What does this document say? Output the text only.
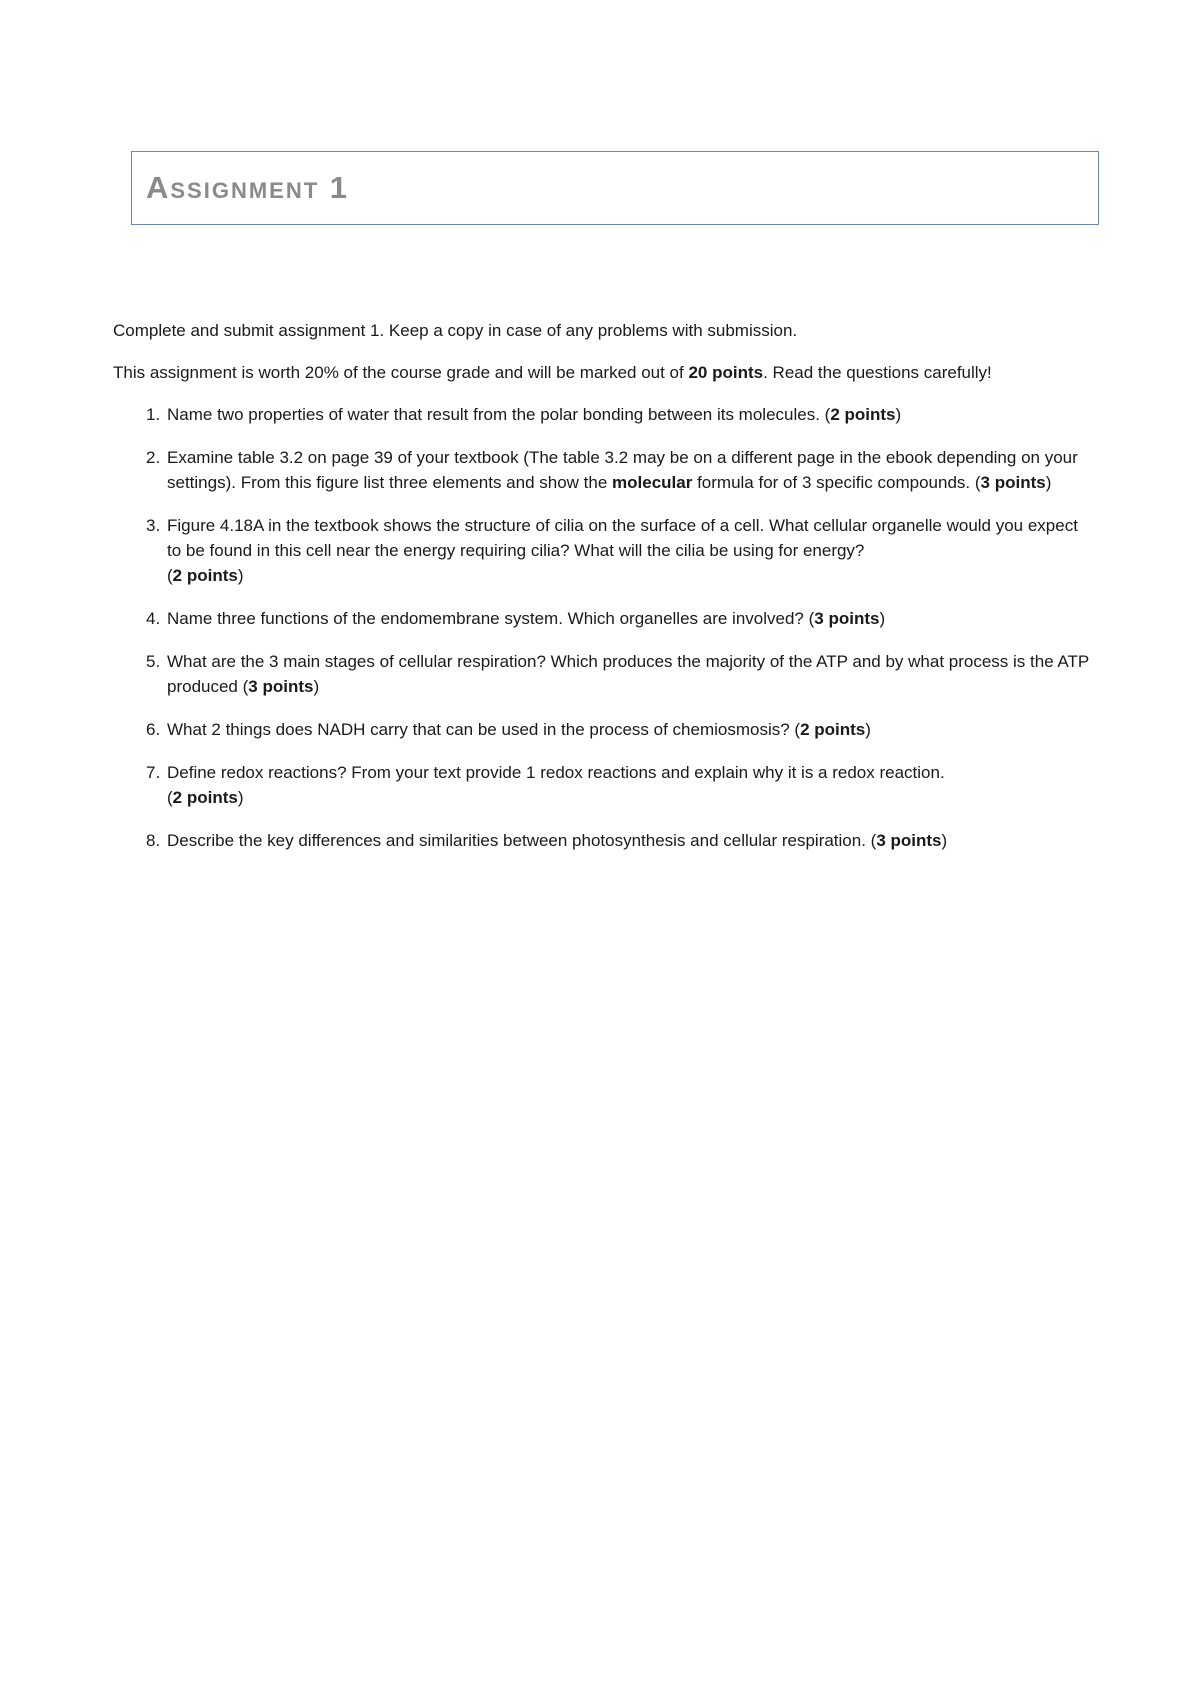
Assignment 1

Complete and submit assignment 1. Keep a copy in case of any problems with submission.

This assignment is worth 20% of the course grade and will be marked out of 20 points. Read the questions carefully!

1. Name two properties of water that result from the polar bonding between its molecules. (2 points)
2. Examine table 3.2 on page 39 of your textbook (The table 3.2 may be on a different page in the ebook depending on your settings). From this figure list three elements and show the molecular formula for of 3 specific compounds. (3 points)
3. Figure 4.18A in the textbook shows the structure of cilia on the surface of a cell. What cellular organelle would you expect to be found in this cell near the energy requiring cilia? What will the cilia be using for energy?
(2 points)
4. Name three functions of the endomembrane system. Which organelles are involved? (3 points)
5. What are the 3 main stages of cellular respiration? Which produces the majority of the ATP and by what process is the ATP produced (3 points)
6. What 2 things does NADH carry that can be used in the process of chemiosmosis? (2 points)
7. Define redox reactions? From your text provide 1 redox reactions and explain why it is a redox reaction.
(2 points)
8. Describe the key differences and similarities between photosynthesis and cellular respiration. (3 points)
